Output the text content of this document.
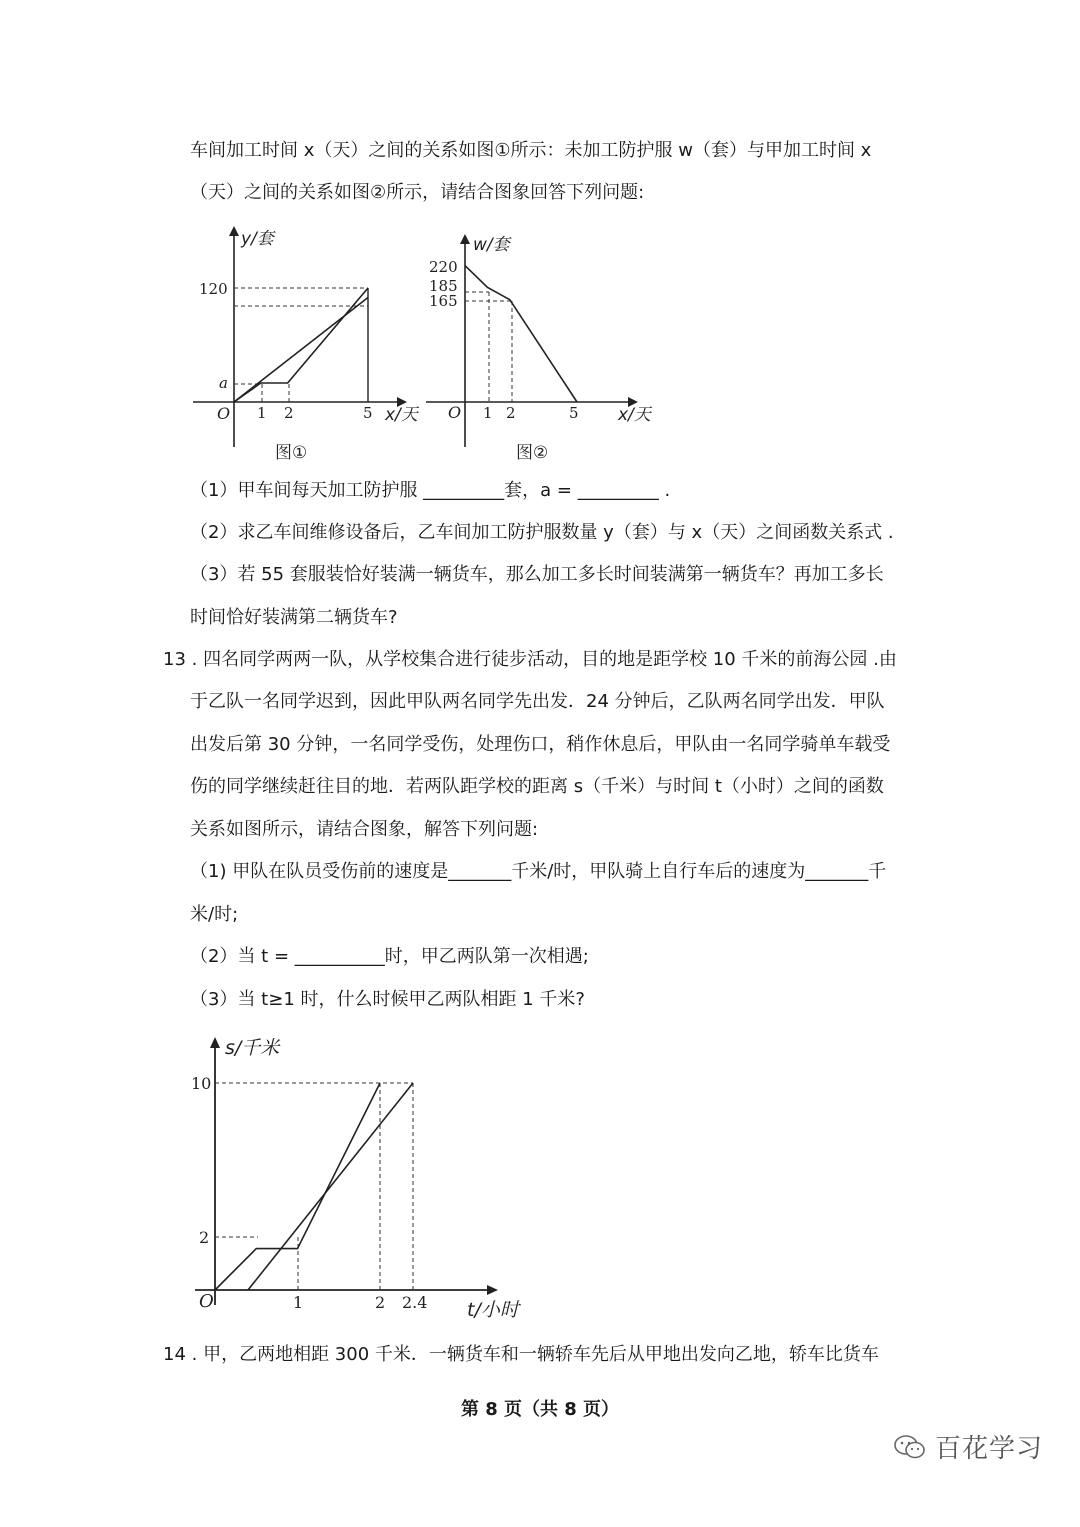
车间加工时间 x（天）之间的关系如图①所示：未加工防护服 w（套）与甲加工时间 x
（天）之间的关系如图②所示，请结合图象回答下列问题:
y/套
120
a
O 1 2	5 x/天
图①
w/套
220
185
165
O 1 2	5 x/天
图②
（1）甲车间每天加工防护服 _________套，a = _________ .
（2）求乙车间维修设备后，乙车间加工防护服数量 y（套）与 x（天）之间函数关系式 .
（3）若 55 套服装恰好装满一辆货车，那么加工多长时间装满第一辆货车？再加工多长
时间恰好装满第二辆货车?
13 . 四名同学两两一队，从学校集合进行徒步活动，目的地是距学校 10 千米的前海公园 .由
于乙队一名同学迟到，因此甲队两名同学先出发．24 分钟后，乙队两名同学出发．甲队
出发后第 30 分钟，一名同学受伤，处理伤口，稍作休息后，甲队由一名同学骑单车载受
伤的同学继续赶往目的地．若两队距学校的距离 s（千米）与时间 t（小时）之间的函数
关系如图所示，请结合图象，解答下列问题:
（1) 甲队在队员受伤前的速度是_______千米/时，甲队骑上自行车后的速度为_______千
米/时;
（2）当 t = __________时，甲乙两队第一次相遇;
（3）当 t≥1 时，什么时候甲乙两队相距 1 千米?
s/千米
10
2
O	1	2 2.4 t/小时
14 . 甲，乙两地相距 300 千米．一辆货车和一辆轿车先后从甲地出发向乙地，轿车比货车
第 8 页（共 8 页）
百花学习
